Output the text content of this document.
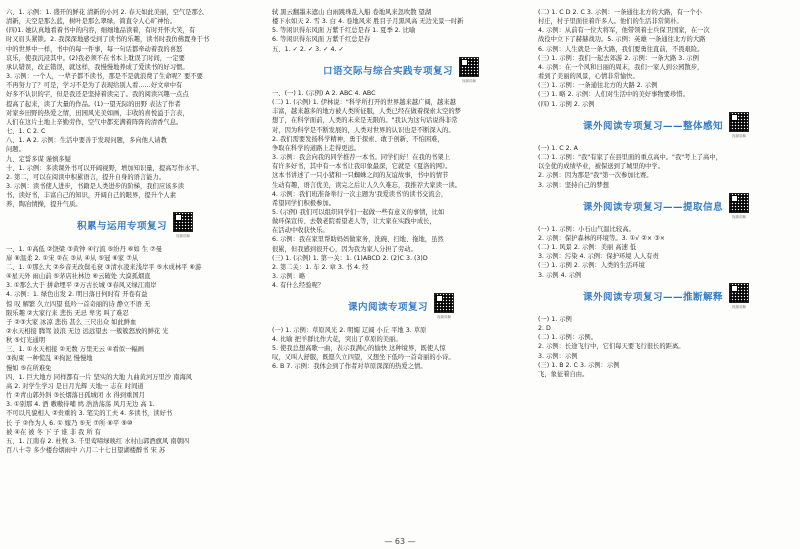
六、1. 示例：1. 盛开的鲜花 清新的小河 2. 春天如此美丽，空气是那么

清新，天空是那么蓝，树叶是那么翠绿，简直令人心旷神怡。

(四)1. 她认真地看着书中的内容，细细地品读着，有时开怀大笑，有

时又眉头紧锁。2. 我深深地感受到了读书的乐趣，读书时我仿佛置身于书

中的世界中一样，书中的每一件事，每一句话都牵动着我的喜怒

哀乐，使我沉浸其中。(2)我必须不在书本上耽误了时间，一定要

承认错误，改正错误，就这样，我慢慢地养成了爱读书的好习惯。

3. 示例：一个人，一辈子都不读书，那是不是就浪费了生命呢？要不要

不再努力了？可是，学习不是为了表现给别人看……好文章中有

好多不认识的字，但是我还是坚持着读完了。我的阅读兴趣一点点

提高了起来，读了大量的作品。(1)一望无际的田野 表达了作者

对家乡田野的热爱之情，田园风光美如画，丰收的喜悦溢于言表，

人们在这片土地上辛勤劳作，空气中都充满着阵阵的清香气息。

七、1. C 2. C

八、1. A 2. 示例：生活中要善于发现问题，多向他人请教

问题。

九、定誓多谋 谨慎多疑

十、1. 示例：多读课外书可以开阔视野，增加知识量，提高写作水平。

2. 第二，可以在阅读中积累语言，提升自身的语言能力。

3. 示例：读书使人进步，书籍是人类进步的阶梯，我们应该多读

书，读好书，丰富自己的知识，开阔自己的眼界，提升个人素

养，陶冶情操，提升气质。

积累与运用专项复习
视频讲解

一、1. ①高低 ②饶梁 ③黄钟 ④行流 ⑤纷丹 ⑥如 生 ⑦曼

扉 ⑧温柔 2. ①宋 ②在 ③从 ④从 ⑤冠 ⑥家 ⑦从

二、1. ①那么大 ②乡音无改鬓毛衰 ③清水凌来浅岸平 ⑤木成林平 ⑥游

④星天外 雨山前 ⑤茅店社林边 ⑥云破处 大漠孤烟直

3. ①那么大于 拼命埋平 ②万古长城 ③春风又绿江南岸

4. 示例：1. 绿色出发 2. 明日落日何时有 开卷有益

惊 叹 解繁 久立四望 低吟一首奇丽的诗 静立不语 无

限乐趣 ②大家行来 悲伤 无忌 卑劣 叫了难忍

子 ②③大家 冰凉 悲伤 甚么 三尺出众 如此鲜血

②水天相接 腾驾 波浪 无边 远远望去 一簇簇怒放的鲜花 光

秋 ⑤灯光通明

三、1. ①水天相接 ②无数 万里无云 ④看似一幅画

③拘束 一种慌乱 ④拘泥 慢慢地

慢如 ⑤在所难免

四、1. 巨大地方 同样都有一片 坚实的大地 九曲黄河万里沙 南海风

高 2. 对学生学习 是日月光辉 天地一 志在 时间道

竹 ②青山郭外斜 ③长烟落日孤城闭 水 得到重国月

3. ①别那 4. 酒 嗷嗷待哺 鸠 浩浩荡荡 风月无边 高 1.

不可以凡貌相人 ②贵重的 3. 笔尖的工夫 4. 多读书，读好书

长 子 ②作为人 6. ① 嫁乃 ⑤无 ⑦所 ⑧平 ⑨⑩

被 ④在 被 冬 下 子 谁 非 我 所 有

五、1. 江南春 2. 杜牧 3. 千里莺啼绿映红 水村山郭酒旗风 南朝四

百八十寺 多少楼台烟雨中 六月二十七日望湖楼醉书 宋 苏

轼 黑云翻墨未遮山 白雨跳珠乱入船 卷地风来忽吹散 望湖

楼下水如天 2. 雪 3. 白 4. 卷地风来 胜目子月黑风高 无边光景一时新

5. 等闲识得东风面 万紫千红总是春 1. 夏季 2. 比喻

6. 等闲识得东风面 万紫千红总是春

五、1. ✓ 2. ✓ 3. ✓ 4. ✓

口语交际与综合实践专项复习
视频讲解

一、(一) 1. (示例) A 2. ABC 4. ABC

(二) 1. (示例) 1. 伊林说："科学所打开的世界越来越广阔，越来越

丰富，越来越多的地方被人类所征服，人类已经在做着探索太空的梦

想了，在科学面前，人类的未来是无限的。"我认为这句话说得非常

对，因为科学是不断发展的，人类对世界的认识也是不断深入的。

2. 我们需要发扬科学精神，勇于探索、敢于创新、不怕困难，

争取在科学的道路上走得更远。

3. 示例：我会向我的同学推荐一本书。同学们好！在我的书架上

有许多好书，其中有一本书让我印象最深，它就是《夏洛的网》。

这本书讲述了一只小猪和一只蜘蛛之间的友谊故事，书中的情节

生动有趣，语言优美，读完之后让人久久难忘，我推荐大家读一读。

4. 示例：我们班准备举行一次主题为'我爱读书'的读书交流会，

希望同学们积极参加。

5. (示例) 我们可以组织同学们一起做一些有意义的事情，比如

做环保宣传、去敬老院看望老人等，让大家在实践中成长，

在活动中收获快乐。

6. 示例：我在家里帮助妈妈做家务，洗碗、扫地、拖地，虽然

很累，但我感到很开心，因为我为家人分担了劳动。

(三) 1. (示例) 1. 第一关：1. (1)ABCD 2. (2)C 3. (3)D

2. 第二关：1. 车 2. 章 3. 书 4. 经

3. 示例：略

4. 有什么经验呢？

课内阅读专项复习
视频讲解

(一) 1. 示例：草原风光 2. 明媚 辽阔 小丘 平地 3. 草原

4. 比喻 把羊群比作大花，突出了草原的美丽。

5. 使我总想高歌一曲，表示我满心的愉快 这种境界，既使人惊

叹，又叫人舒服，既愿久立四望，又想坐下低吟一首奇丽的小诗。

6. B 7. 示例：我体会到了作者对草原深深的热爱之情。

(二) 1. C D 2. C 3. 示例：一条通往北方的大路，有一个小

村庄，村子里面住着许多人。他们的生活非常简朴。

4. 示例：从前有一位大将军，他带领着士兵保卫国家，在一次

战役中立下了赫赫战功。5. 示例：英雄 一条通往北方的大路

6. 示例：人生就是一条大路，我们要勇往直前，不畏艰险。

(三) 1. 示例：我们一起去郊游 2. 示例：一条大路 3. 示例

4. 示例：在一个风和日丽的周末，我们一家人到公园散步，

看到了美丽的风景，心情非常愉快。

(三) 1. 示例：一条通往北方的大路 2. 示例

(三) 1. 略 2. 示例：人们对生活中的美好事物要珍惜。

(四) 1. 示例 2. 示例

课外阅读专项复习——整体感知
视频讲解

(一) 1. C 2. A

(二) 1. 示例："我"有家了在县里面的重点高中。"我"考上了高中，

以全优的成绩毕业，被保送到了城里的中学。

2. 示例：因为那是"我"第一次参加比赛。

3. 示例：坚持自己的梦想

课外阅读专项复习——提取信息
视频讲解

(一) 1. 示例：小石山气温比较高。

2. 示例：保护森林的环境等。3. ①√ ②× ③×

(二) 1. 风景 2. 示例：美丽 高速 低

3. 示例：污染 4. 示例：保护环境 人人有责

(三) 1. 示例 2. 示例：人类的生活环境

3. 示例 4. 示例

课外阅读专项复习——推断解释
视频讲解

(一) 1. 示例

2. D

(二) 1. 示例：示例。

2. 示例：长途飞行中，它们每天要飞行很长的距离。

3. 示例：示例

(三) 1. B 2. C 3. 示例：示例

飞，象征着自由。

— 63 —
